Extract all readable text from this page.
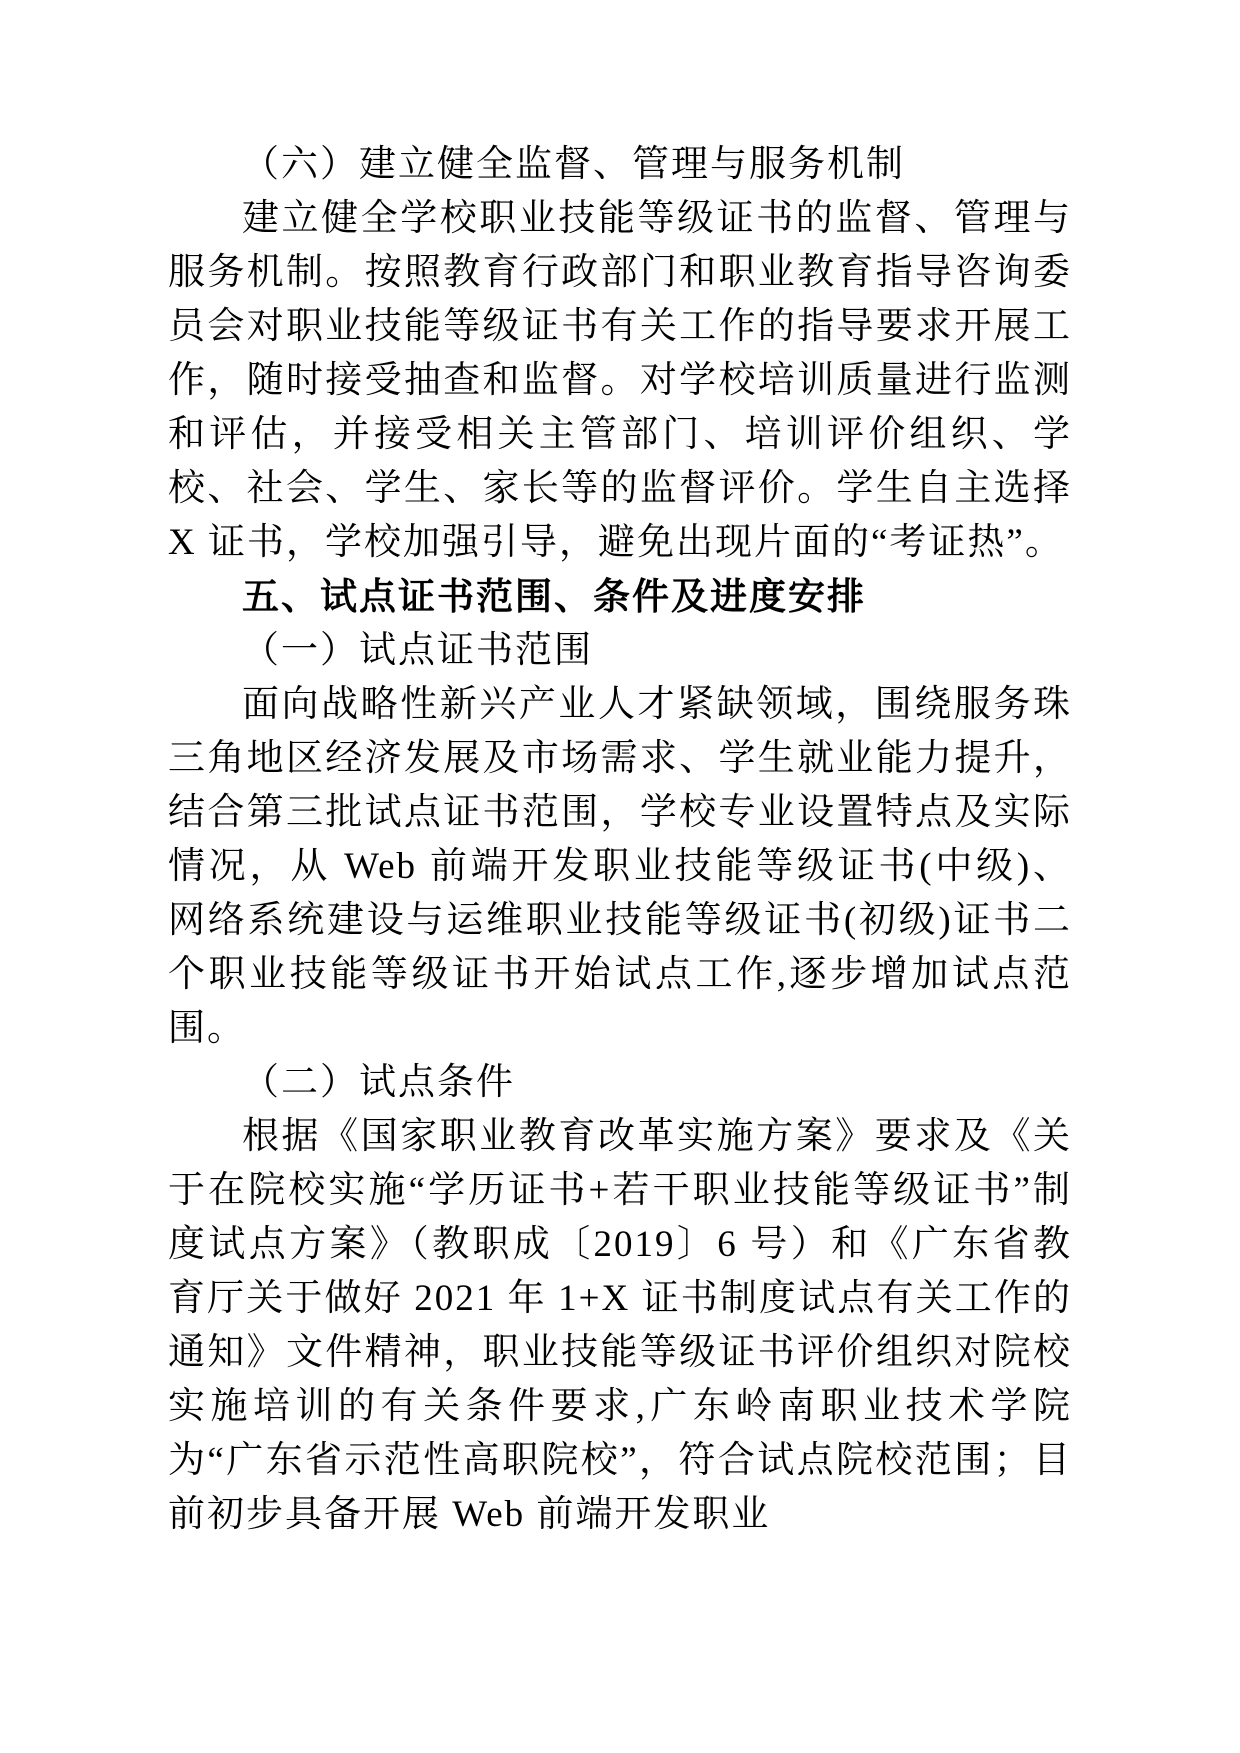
（六）建立健全监督、管理与服务机制

建立健全学校职业技能等级证书的监督、管理与服务机制。按照教育行政部门和职业教育指导咨询委员会对职业技能等级证书有关工作的指导要求开展工作，随时接受抽查和监督。对学校培训质量进行监测和评估，并接受相关主管部门、培训评价组织、学校、社会、学生、家长等的监督评价。学生自主选择 X 证书，学校加强引导，避免出现片面的“考证热”。

五、试点证书范围、条件及进度安排

（一）试点证书范围

面向战略性新兴产业人才紧缺领域，围绕服务珠三角地区经济发展及市场需求、学生就业能力提升，结合第三批试点证书范围，学校专业设置特点及实际情况，从 Web 前端开发职业技能等级证书(中级)、网络系统建设与运维职业技能等级证书(初级)证书二个职业技能等级证书开始试点工作,逐步增加试点范围。

（二）试点条件

根据《国家职业教育改革实施方案》要求及《关于在院校实施“学历证书+若干职业技能等级证书”制度试点方案》（教职成〔2019〕6 号）和《广东省教育厅关于做好 2021 年 1+X 证书制度试点有关工作的通知》文件精神，职业技能等级证书评价组织对院校实施培训的有关条件要求,广东岭南职业技术学院为“广东省示范性高职院校”，符合试点院校范围；目前初步具备开展 Web 前端开发职业
